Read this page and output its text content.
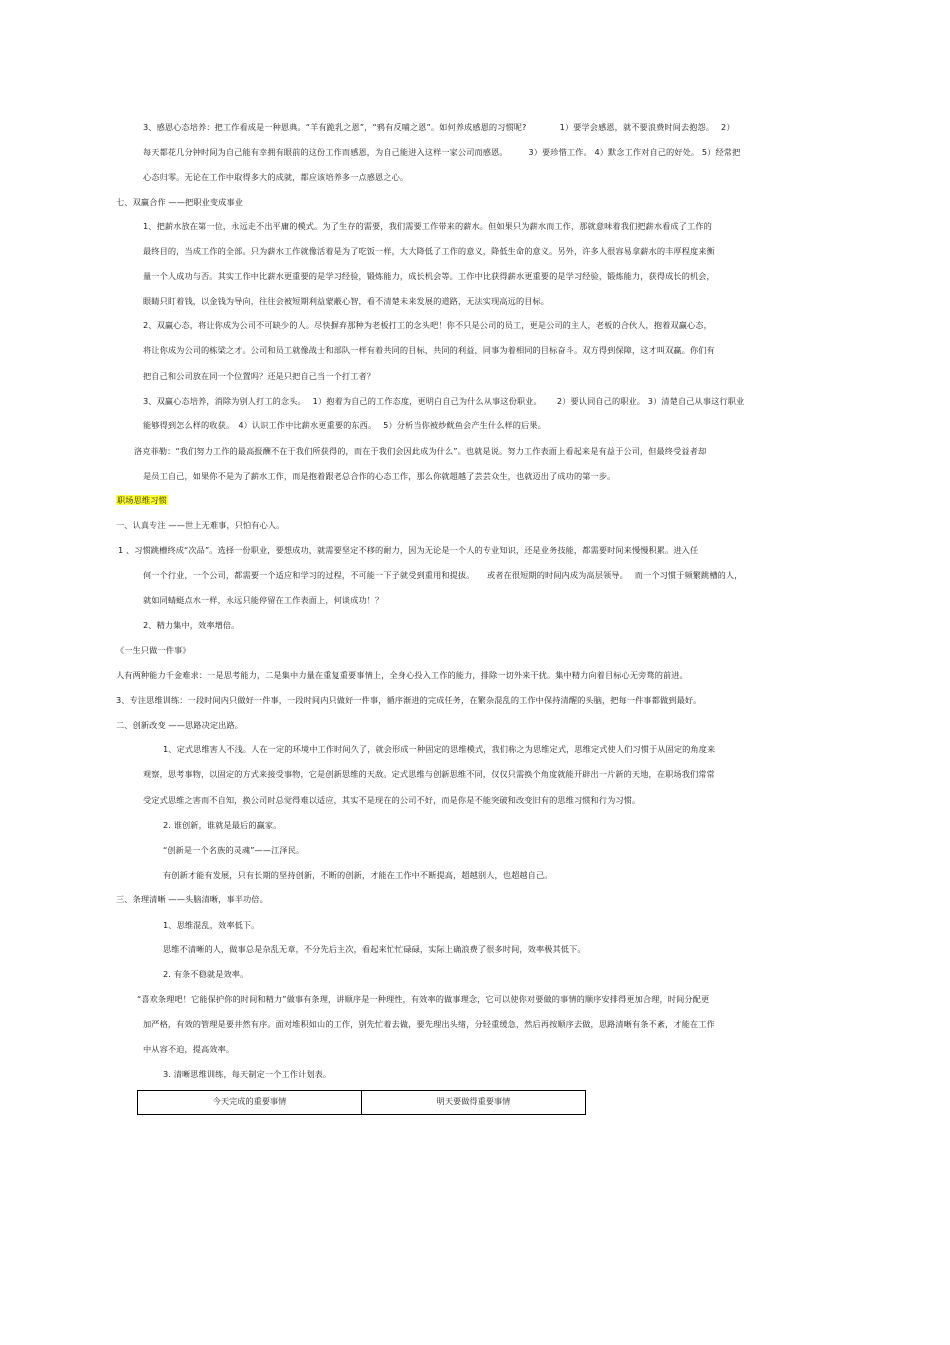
3、感恩心态培养：把工作看成是一种恩典。“羊有跪乳之恩”，“鸦有反哺之恩”。如何养成感恩的习惯呢?　　　　1）要学会感恩，就不要浪费时间去抱怨。　 2）
每天都花几分钟时间为自己能有幸拥有眼前的这份工作而感恩，为自己能进入这样一家公司而感恩。　　　3）要珍惜工作。 4）默念工作对自己的好处。 5）经常把
心态归零。无论在工作中取得多大的成就，都应该培养多一点感恩之心。
七、双赢合作 ——把职业变成事业
1、把薪水放在第一位，永远走不出平庸的模式。为了生存的需要，我们需要工作带来的薪水。但如果只为薪水而工作，那就意味着我们把薪水看成了工作的
最终目的，当成工作的全部。只为薪水工作就像活着是为了吃饭一样，大大降低了工作的意义，降低生命的意义。另外，许多人很容易拿薪水的丰厚程度来衡
量一个人成功与否。其实工作中比薪水更重要的是学习经验，锻炼能力，成长机会等。工作中比获得薪水更重要的是学习经验，锻炼能力，获得成长的机会，
眼睛只盯着钱，以金钱为导向，往往会被短期利益蒙蔽心智，看不清楚未来发展的道路，无法实现高远的目标。
2、双赢心态，将让你成为公司不可缺少的人。尽快摒弃那种为老板打工的念头吧！你不只是公司的员工，更是公司的主人，老板的合伙人，抱着双赢心态，
将让你成为公司的栋梁之才。公司和员工就像战士和部队一样有着共同的目标，共同的利益，同事为着相同的目标奋斗。双方得到保障，这才叫双赢。你们有
把自己和公司放在同一个位置吗？还是只把自己当一个打工者？
3、双赢心态培养，消除为别人打工的念头。　 1）抱着为自己的工作态度，更明白自己为什么从事这份职业。　　 2）要认同自己的职业。 3）清楚自己从事这行职业
能够得到怎么样的收获。　4）认识工作中比薪水更重要的东西。　 5）分析当你被炒鱿鱼会产生什么样的后果。
洛克菲勒：“我们努力工作的最高报酬不在于我们所获得的，而在于我们会因此成为什么”。也就是说。努力工作表面上看起来是有益于公司，但最终受益者却
是员工自己，如果你不是为了薪水工作，而是抱着跟老总合作的心态工作，那么你就超越了芸芸众生，也就迈出了成功的第一步。
职场思维习惯
一、认真专注 ——世上无难事，只怕有心人。
1 、习惯跳槽终成“次品”。选择一份职业，要想成功，就需要坚定不移的耐力，因为无论是一个人的专业知识，还是业务技能，都需要时间来慢慢积累。进入任
何一个行业，一个公司，都需要一个适应和学习的过程，不可能一下子就受到重用和提拔。　　或者在很短期的时间内成为高层领导。　 而一个习惯于频繁跳槽的人，
就如同蜻蜓点水一样，永远只能停留在工作表面上，何谈成功！？
2、精力集中，效率增倍。
《一生只做一件事》
人有两种能力千金难求：一是思考能力，二是集中力量在重复重要事情上，全身心投入工作的能力，排除一切外来干扰。集中精力向着目标心无旁骛的前进。
3、专注思维训练：一段时间内只做好一件事，一段时间内只做好一件事，循序渐进的完成任务，在繁杂混乱的工作中保持清醒的头脑，把每一件事都做到最好。
二、创新改变 ——思路决定出路。
1、定式思维害人不浅。人在一定的环境中工作时间久了，就会形成一种固定的思维模式，我们称之为思维定式，思维定式使人们习惯于从固定的角度来
观察，思考事物，以固定的方式来接受事物，它是创新思维的天敌。定式思维与创新思维不同，仅仅只需换个角度就能开辟出一片新的天地，在职场我们常常
受定式思维之害而不自知，换公司时总觉得难以适应，其实不是现在的公司不好，而是你是不能突破和改变旧有的思维习惯和行为习惯。
2. 谁创新，谁就是最后的赢家。
“创新是一个名族的灵魂”——江泽民。
有创新才能有发展，只有长期的坚持创新，不断的创新，才能在工作中不断提高，超越别人，也超越自己。
三、条理清晰 ——头脑清晰，事半功倍。
1、思维混乱，效率低下。
思维不清晰的人，做事总是杂乱无章，不分先后主次，看起来忙忙碌碌，实际上确浪费了很多时间，效率极其低下。
2. 有条不稳就是效率。
“喜欢条理吧！它能保护你的时间和精力”做事有条理，讲顺序是一种理性，有效率的做事理念，它可以使你对要做的事情的顺序安排得更加合理，时间分配更
加严格，有效的管理是要井然有序。面对堆积如山的工作，别先忙着去做，要先理出头绪，分轻重缓急，然后再按顺序去做，思路清晰有条不紊，才能在工作
中从容不迫，提高效率。
3. 清晰思维训练，每天制定一个工作计划表。
今天完成的重要事情	明天要做得重要事情
